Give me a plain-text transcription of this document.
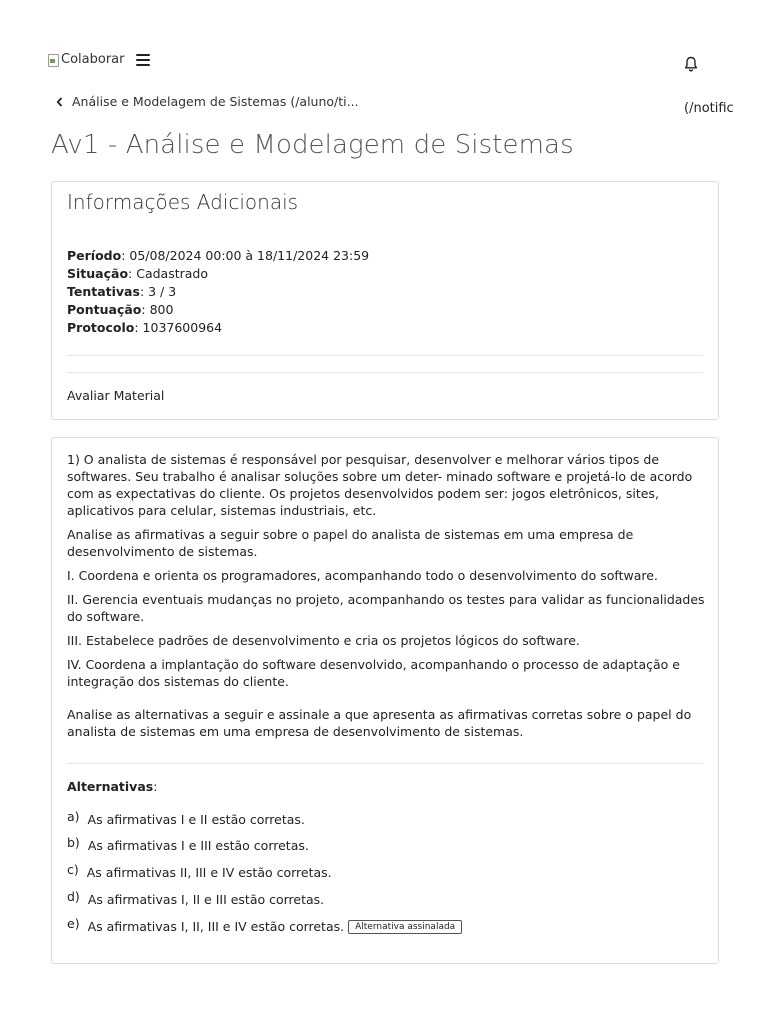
Colaborar
Análise e Modelagem de Sistemas (/aluno/ti...	(/notific
Av1 - Análise e Modelagem de Sistemas
Informações Adicionais
Período: 05/08/2024 00:00 à 18/11/2024 23:59
Situação: Cadastrado
Tentativas: 3 / 3
Pontuação: 800
Protocolo: 1037600964
Avaliar Material

1) O analista de sistemas é responsável por pesquisar, desenvolver e melhorar vários tipos de softwares. Seu trabalho é analisar soluções sobre um deter- minado software e projetá-lo de acordo com as expectativas do cliente. Os projetos desenvolvidos podem ser: jogos eletrônicos, sites, aplicativos para celular, sistemas industriais, etc.

Analise as afirmativas a seguir sobre o papel do analista de sistemas em uma empresa de desenvolvimento de sistemas.

I. Coordena e orienta os programadores, acompanhando todo o desenvolvimento do software.

II. Gerencia eventuais mudanças no projeto, acompanhando os testes para validar as funcionalidades do software.

III. Estabelece padrões de desenvolvimento e cria os projetos lógicos do software.

IV. Coordena a implantação do software desenvolvido, acompanhando o processo de adaptação e integração dos sistemas do cliente.

Analise as alternativas a seguir e assinale a que apresenta as afirmativas corretas sobre o papel do analista de sistemas em uma empresa de desenvolvimento de sistemas.

Alternativas:
a) As afirmativas I e II estão corretas.
b) As afirmativas I e III estão corretas.
c) As afirmativas II, III e IV estão corretas.
d) As afirmativas I, II e III estão corretas.
e) As afirmativas I, II, III e IV estão corretas.	Alternativa assinalada
